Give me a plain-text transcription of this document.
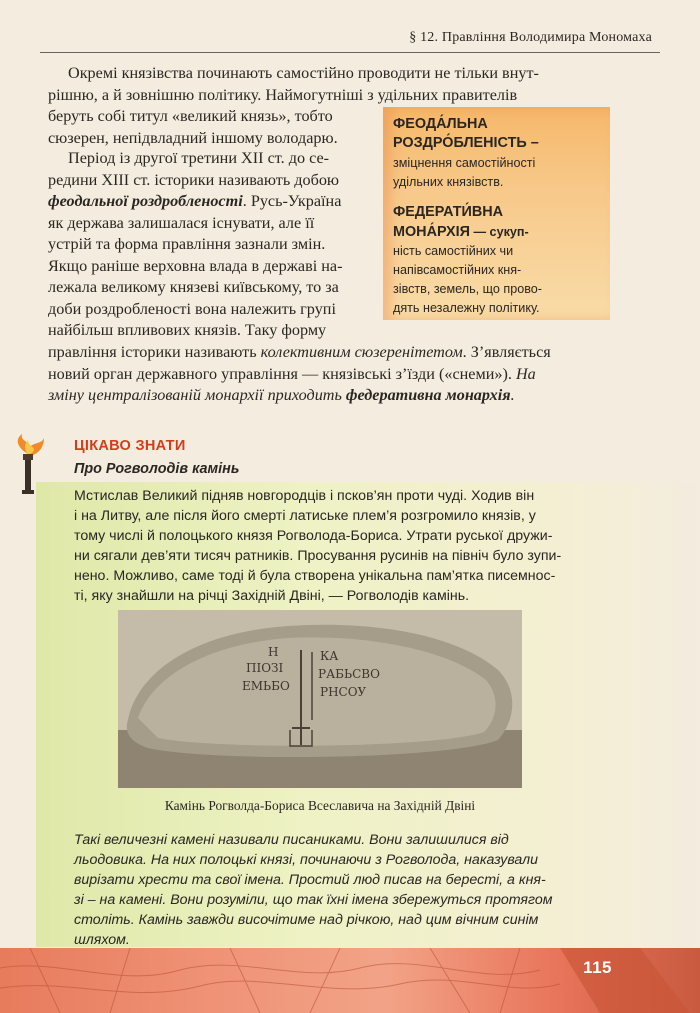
§ 12. Правління Володимира Мономаха
Окремі князівства починають самостійно проводити не тільки внут-
рішню, а й зовнішню політику. Наймогутніші з удільних правителів
беруть собі титул «великий князь», тобто
сюзерен, непідвладний іншому володарю.
Період із другої третини XII ст. до се-
редини XIII ст. історики називають добою
феодальної роздробленості. Русь-Україна
як держава залишалася існувати, але її
устрій та форма правління зазнали змін.
Якщо раніше верховна влада в державі на-
лежала великому князеві київському, то за
доби роздробленості вона належить групі
найбільш впливових князів. Таку форму
правління історики називають колективним сюзеренітетом. З’являється
новий орган державного управління — князівські з’їзди («снеми»). На
зміну централізованій монархії приходить федеративна монархія.
ФЕОДА́ЛЬНА
РОЗДРО́БЛЕНІСТЬ –
зміцнення самостійності
удільних князівств.
ФЕДЕРАТИ́ВНА
МОНА́РХІЯ — сукуп-
ність самостійних чи
напівсамостійних кня-
зівств, земель, що прово-
дять незалежну політику.
ЦІКАВО ЗНАТИ
Про Рогволодів камінь
Мстислав Великий підняв новгородців і псков’ян проти чуді. Ходив він
і на Литву, але після його смерті латиське плем’я розгромило князів, у
тому числі й полоцького князя Рогволода-Бориса. Утрати руської дружи-
ни сягали дев’яти тисяч ратників. Просування русинів на північ було зупи-
нено. Можливо, саме тоді й була створена унікальна пам’ятка писемнос-
ті, яку знайшли на річці Західній Двіні, — Рогволодів камінь.
Н
ПІОЗІ
ЕМЬБО
КА
РАБЬСВО
РНСОУ
Камінь Рогволда-Бориса Всеславича на Західній Двіні
Такі величезні камені називали писаниками. Вони залишилися від
льодовика. На них полоцькі князі, починаючи з Рогволода, наказували
вирізати хрести та свої імена. Простий люд писав на бересті, а кня-
зі – на камені. Вони розуміли, що так їхні імена збережуться протягом
століть. Камінь завжди височітиме над річкою, над цим вічним синім
шляхом.
115
